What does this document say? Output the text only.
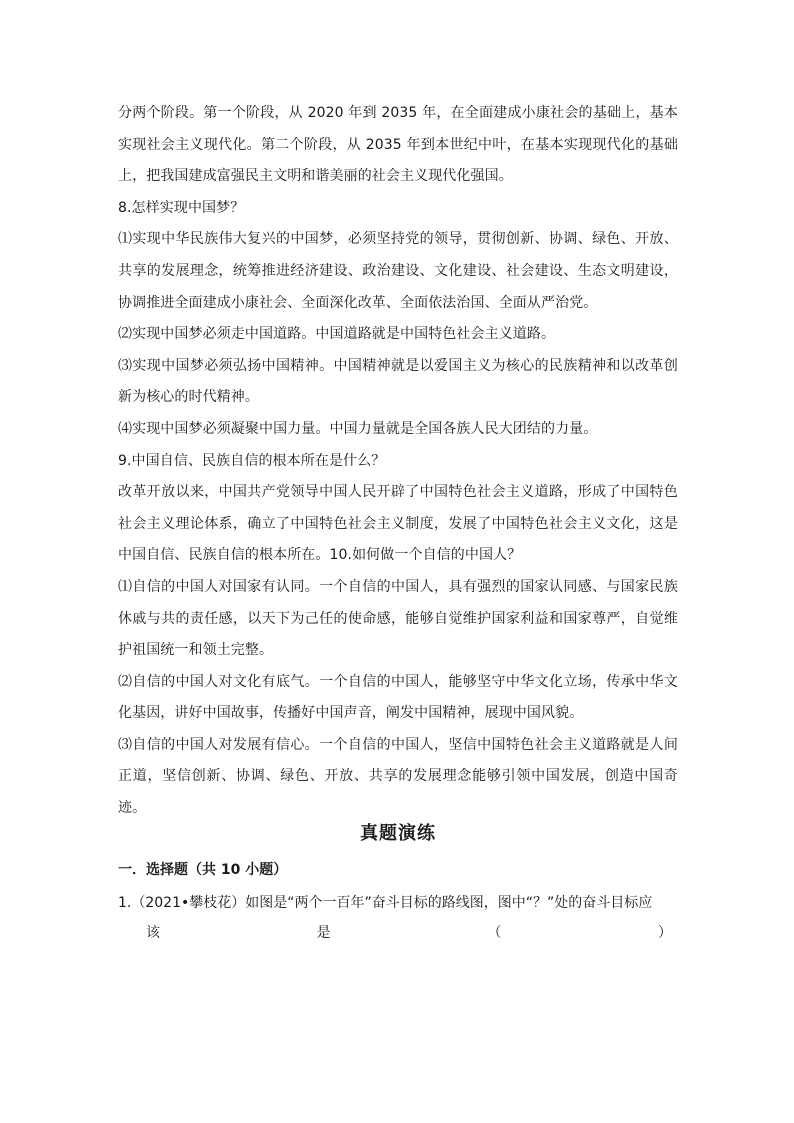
分两个阶段。第一个阶段，从 2020 年到 2035 年，在全面建成小康社会的基础上，基本实现社会主义现代化。第二个阶段，从 2035 年到本世纪中叶，在基本实现现代化的基础上，把我国建成富强民主文明和谐美丽的社会主义现代化强国。

8.怎样实现中国梦？

⑴实现中华民族伟大复兴的中国梦，必须坚持党的领导，贯彻创新、协调、绿色、开放、共享的发展理念，统筹推进经济建设、政治建设、文化建设、社会建设、生态文明建设，协调推进全面建成小康社会、全面深化改革、全面依法治国、全面从严治党。

⑵实现中国梦必须走中国道路。中国道路就是中国特色社会主义道路。

⑶实现中国梦必须弘扬中国精神。中国精神就是以爱国主义为核心的民族精神和以改革创新为核心的时代精神。

⑷实现中国梦必须凝聚中国力量。中国力量就是全国各族人民大团结的力量。

9.中国自信、民族自信的根本所在是什么？

改革开放以来，中国共产党领导中国人民开辟了中国特色社会主义道路，形成了中国特色社会主义理论体系，确立了中国特色社会主义制度，发展了中国特色社会主义文化，这是中国自信、民族自信的根本所在。10.如何做一个自信的中国人？

⑴自信的中国人对国家有认同。一个自信的中国人，具有强烈的国家认同感、与国家民族休戚与共的责任感，以天下为己任的使命感，能够自觉维护国家利益和国家尊严，自觉维护祖国统一和领土完整。

⑵自信的中国人对文化有底气。一个自信的中国人，能够坚守中华文化立场，传承中华文化基因，讲好中国故事，传播好中国声音，阐发中国精神，展现中国风貌。

⑶自信的中国人对发展有信心。一个自信的中国人，坚信中国特色社会主义道路就是人间正道，坚信创新、协调、绿色、开放、共享的发展理念能够引领中国发展，创造中国奇迹。

真题演练
一．选择题（共 10 小题）

1.（2021•攀枝花）如图是“两个一百年”奋斗目标的路线图，图中“？”处的奋斗目标应

该	是	（	）
